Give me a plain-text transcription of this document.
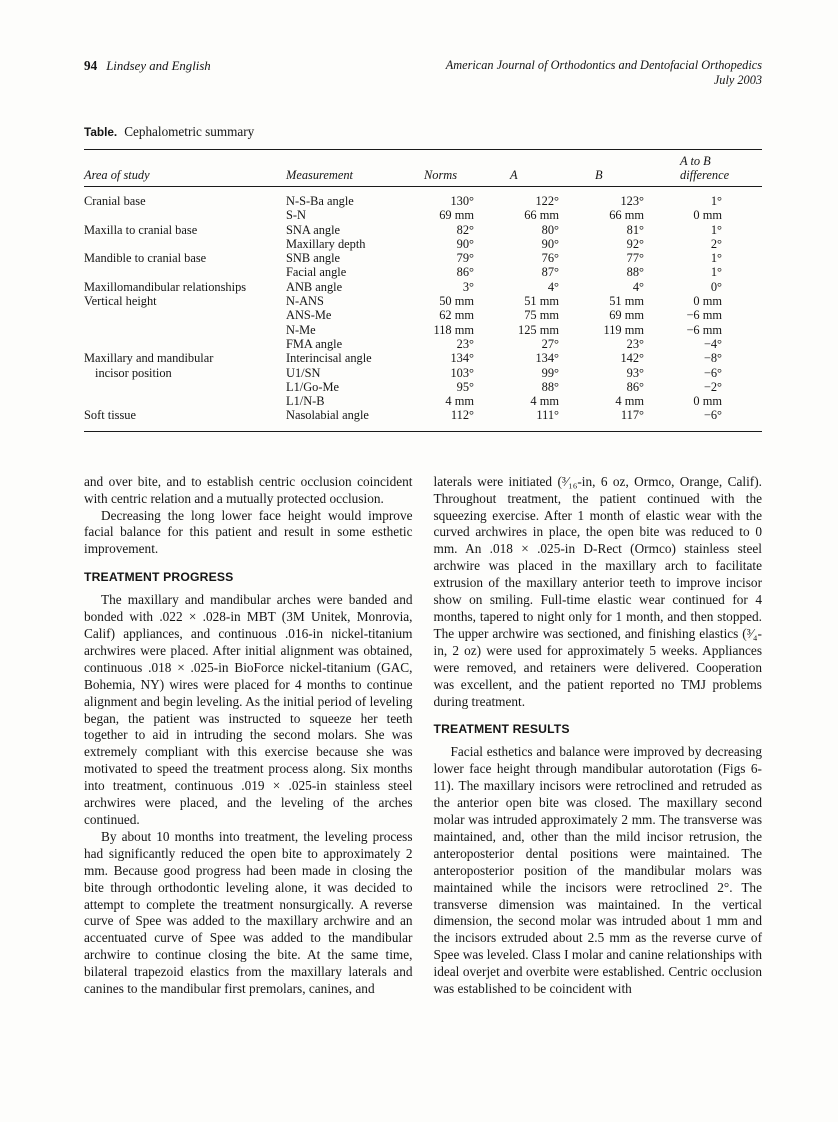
94 Lindsey and English	American Journal of Orthodontics and Dentofacial Orthopedics
July 2003
Table. Cephalometric summary
Area of study	Measurement	Norms	A	B	A to B
difference
Cranial base	N-S-Ba angle	130°	122°	123°	1°
	S-N	69 mm	66 mm	66 mm	0 mm
Maxilla to cranial base	SNA angle	82°	80°	81°	1°
	Maxillary depth	90°	90°	92°	2°
Mandible to cranial base	SNB angle	79°	76°	77°	1°
	Facial angle	86°	87°	88°	1°
Maxillomandibular relationships	ANB angle	3°	4°	4°	0°
Vertical height	N-ANS	50 mm	51 mm	51 mm	0 mm
	ANS-Me	62 mm	75 mm	69 mm	−6 mm
	N-Me	118 mm	125 mm	119 mm	−6 mm
	FMA angle	23°	27°	23°	−4°
Maxillary and mandibular	Interincisal angle	134°	134°	142°	−8°
incisor position	U1/SN	103°	99°	93°	−6°
	L1/Go-Me	95°	88°	86°	−2°
	L1/N-B	4 mm	4 mm	4 mm	0 mm
Soft tissue	Nasolabial angle	112°	111°	117°	−6°

and over bite, and to establish centric occlusion coincident with centric relation and a mutually protected occlusion.

Decreasing the long lower face height would improve facial balance for this patient and result in some esthetic improvement.

TREATMENT PROGRESS

The maxillary and mandibular arches were banded and bonded with .022 × .028-in MBT (3M Unitek, Monrovia, Calif) appliances, and continuous .016-in nickel-titanium archwires were placed. After initial alignment was obtained, continuous .018 × .025-in BioForce nickel-titanium (GAC, Bohemia, NY) wires were placed for 4 months to continue alignment and begin leveling. As the initial period of leveling began, the patient was instructed to squeeze her teeth together to aid in intruding the second molars. She was extremely compliant with this exercise because she was motivated to speed the treatment process along. Six months into treatment, continuous .019 × .025-in stainless steel archwires were placed, and the leveling of the arches continued.

By about 10 months into treatment, the leveling process had significantly reduced the open bite to approximately 2 mm. Because good progress had been made in closing the bite through orthodontic leveling alone, it was decided to attempt to complete the treatment nonsurgically. A reverse curve of Spee was added to the maxillary archwire and an accentuated curve of Spee was added to the mandibular archwire to continue closing the bite. At the same time, bilateral trapezoid elastics from the maxillary laterals and canines to the mandibular first premolars, canines, and

laterals were initiated (³⁄₁₆-in, 6 oz, Ormco, Orange, Calif). Throughout treatment, the patient continued with the squeezing exercise. After 1 month of elastic wear with the curved archwires in place, the open bite was reduced to 0 mm. An .018 × .025-in D-Rect (Ormco) stainless steel archwire was placed in the maxillary arch to facilitate extrusion of the maxillary anterior teeth to improve incisor show on smiling. Full-time elastic wear continued for 4 months, tapered to night only for 1 month, and then stopped. The upper archwire was sectioned, and finishing elastics (³⁄₄-in, 2 oz) were used for approximately 5 weeks. Appliances were removed, and retainers were delivered. Cooperation was excellent, and the patient reported no TMJ problems during treatment.

TREATMENT RESULTS

Facial esthetics and balance were improved by decreasing lower face height through mandibular autorotation (Figs 6-11). The maxillary incisors were retroclined and retruded as the anterior open bite was closed. The maxillary second molar was intruded approximately 2 mm. The transverse was maintained, and, other than the mild incisor retrusion, the anteroposterior dental positions were maintained. The anteroposterior position of the mandibular molars was maintained while the incisors were retroclined 2°. The transverse dimension was maintained. In the vertical dimension, the second molar was intruded about 1 mm and the incisors extruded about 2.5 mm as the reverse curve of Spee was leveled. Class I molar and canine relationships with ideal overjet and overbite were established. Centric occlusion was established to be coincident with
